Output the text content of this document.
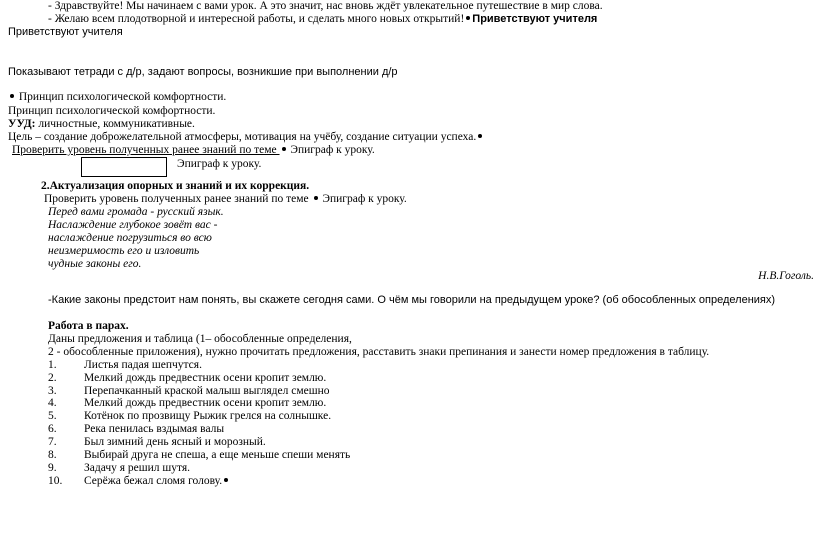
- Здравствуйте! Мы начинаем с вами урок. А это значит, нас вновь ждёт увлекательное путешествие в мир слова.
- Желаю всем плодотворной и интересной работы, и сделать много новых открытий! Приветствуют учителя
Приветствуют учителя
Показывают тетради с д/р, задают вопросы, возникшие при выполнении д/р
Принцип психологической комфортности.
Принцип психологической комфортности.
УУД: личностные, коммуникативные.
Цель – создание доброжелательной атмосферы, мотивация на учёбу, создание ситуации успеха.
Проверить уровень полученных ранее знаний по теме  Эпиграф к уроку.
Эпиграф к уроку.
2.Актуализация опорных и знаний и их коррекция.
Проверить уровень полученных ранее знаний по теме  Эпиграф к уроку.
Перед вами громада - русский язык.
Наслаждение глубокое зовёт вас -
наслаждение погрузиться во всю
неизмеримость его и изловить
чудные законы его.
Н.В.Гоголь.
-Какие законы предстоит нам понять, вы скажете сегодня сами. О чём мы говорили на предыдущем уроке? (об обособленных определениях)
Работа в парах.
Даны предложения и таблица (1– обособленные определения,
2 - обособленные приложения), нужно прочитать предложения, расставить знаки препинания и занести номер предложения в таблицу.
1. Листья падая шепчутся.
2. Мелкий дождь предвестник осени кропит землю.
3. Перепачканный краской малыш выглядел смешно
4. Мелкий дождь предвестник осени кропит землю.
5. Котёнок по прозвищу Рыжик грелся на солнышке.
6. Река пенилась вздымая валы
7. Был зимний день ясный и морозный.
8. Выбирай друга не спеша, а еще меньше спеши менять
9. Задачу я решил шутя.
10. Серёжа бежал сломя голову.
